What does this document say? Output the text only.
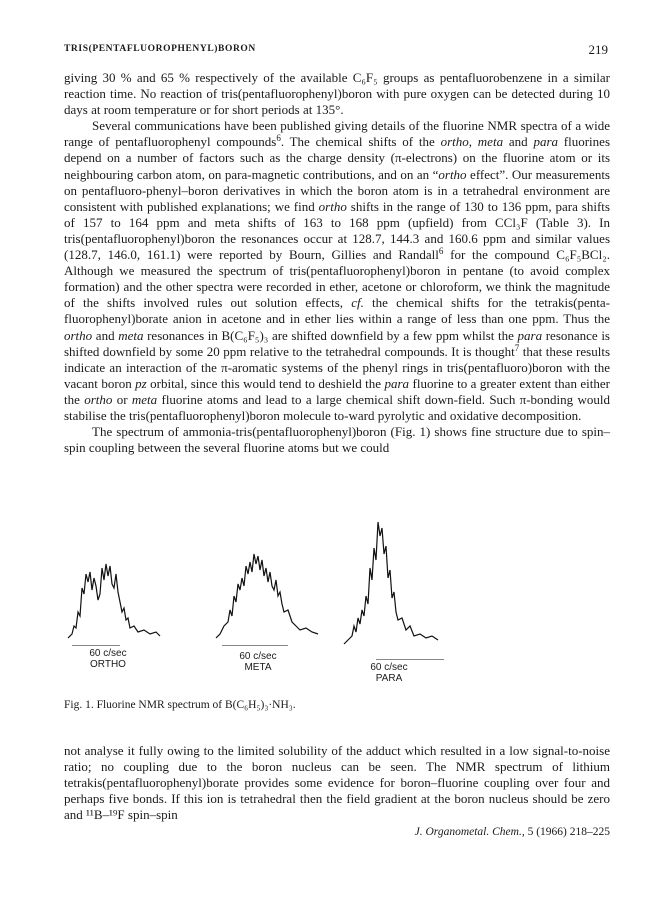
TRIS(PENTAFLUOROPHENYL)BORON	219

giving 30 % and 65 % respectively of the available C₆F₅ groups as pentafluorobenzene in a similar reaction time. No reaction of tris(pentafluorophenyl)boron with pure oxygen can be detected during 10 days at room temperature or for short periods at 135°.

Several communications have been published giving details of the fluorine NMR spectra of a wide range of pentafluorophenyl compounds$^6$. The chemical shifts of the ortho, meta and para fluorines depend on a number of factors such as the charge density (π-electrons) on the fluorine atom or its neighbouring carbon atom, on para-magnetic contributions, and on an “ortho effect”. Our measurements on pentafluoro-phenyl–boron derivatives in which the boron atom is in a tetrahedral environment are consistent with published explanations; we find ortho shifts in the range of 130 to 136 ppm, para shifts of 157 to 164 ppm and meta shifts of 163 to 168 ppm (upfield) from CCl₃F (Table 3). In tris(pentafluorophenyl)boron the resonances occur at 128.7, 144.3 and 160.6 ppm and similar values (128.7, 146.0, 161.1) were reported by Bourn, Gillies and Randall$^6$ for the compound C₆F₅BCl₂. Although we measured the spectrum of tris(pentafluorophenyl)boron in pentane (to avoid complex formation) and the other spectra were recorded in ether, acetone or chloroform, we think the magnitude of the shifts involved rules out solution effects, cf. the chemical shifts for the tetrakis(penta-fluorophenyl)borate anion in acetone and in ether lies within a range of less than one ppm. Thus the ortho and meta resonances in B(C₆F₅)₃ are shifted downfield by a few ppm whilst the para resonance is shifted downfield by some 20 ppm relative to the tetrahedral compounds. It is thought$^7$ that these results indicate an interaction of the π-aromatic systems of the phenyl rings in tris(pentafluoro)boron with the vacant boron pz orbital, since this would tend to deshield the para fluorine to a greater extent than either the ortho or meta fluorine atoms and lead to a large chemical shift down-field. Such π-bonding would stabilise the tris(pentafluorophenyl)boron molecule to-ward pyrolytic and oxidative decomposition.

The spectrum of ammonia-tris(pentafluorophenyl)boron (Fig. 1) shows fine structure due to spin–spin coupling between the several fluorine atoms but we could

60 c/sec
ORTHO
60 c/sec
META	60 c/sec
PARA
Fig. 1. Fluorine NMR spectrum of B(C₆H₅)₃·NH₃.

not analyse it fully owing to the limited solubility of the adduct which resulted in a low signal-to-noise ratio; no coupling due to the boron nucleus can be seen. The NMR spectrum of lithium tetrakis(pentafluorophenyl)borate provides some evidence for boron–fluorine coupling over four and perhaps five bonds. If this ion is tetrahedral then the field gradient at the boron nucleus should be zero and ¹¹B–¹⁹F spin–spin

J. Organometal. Chem., 5 (1966) 218–225
